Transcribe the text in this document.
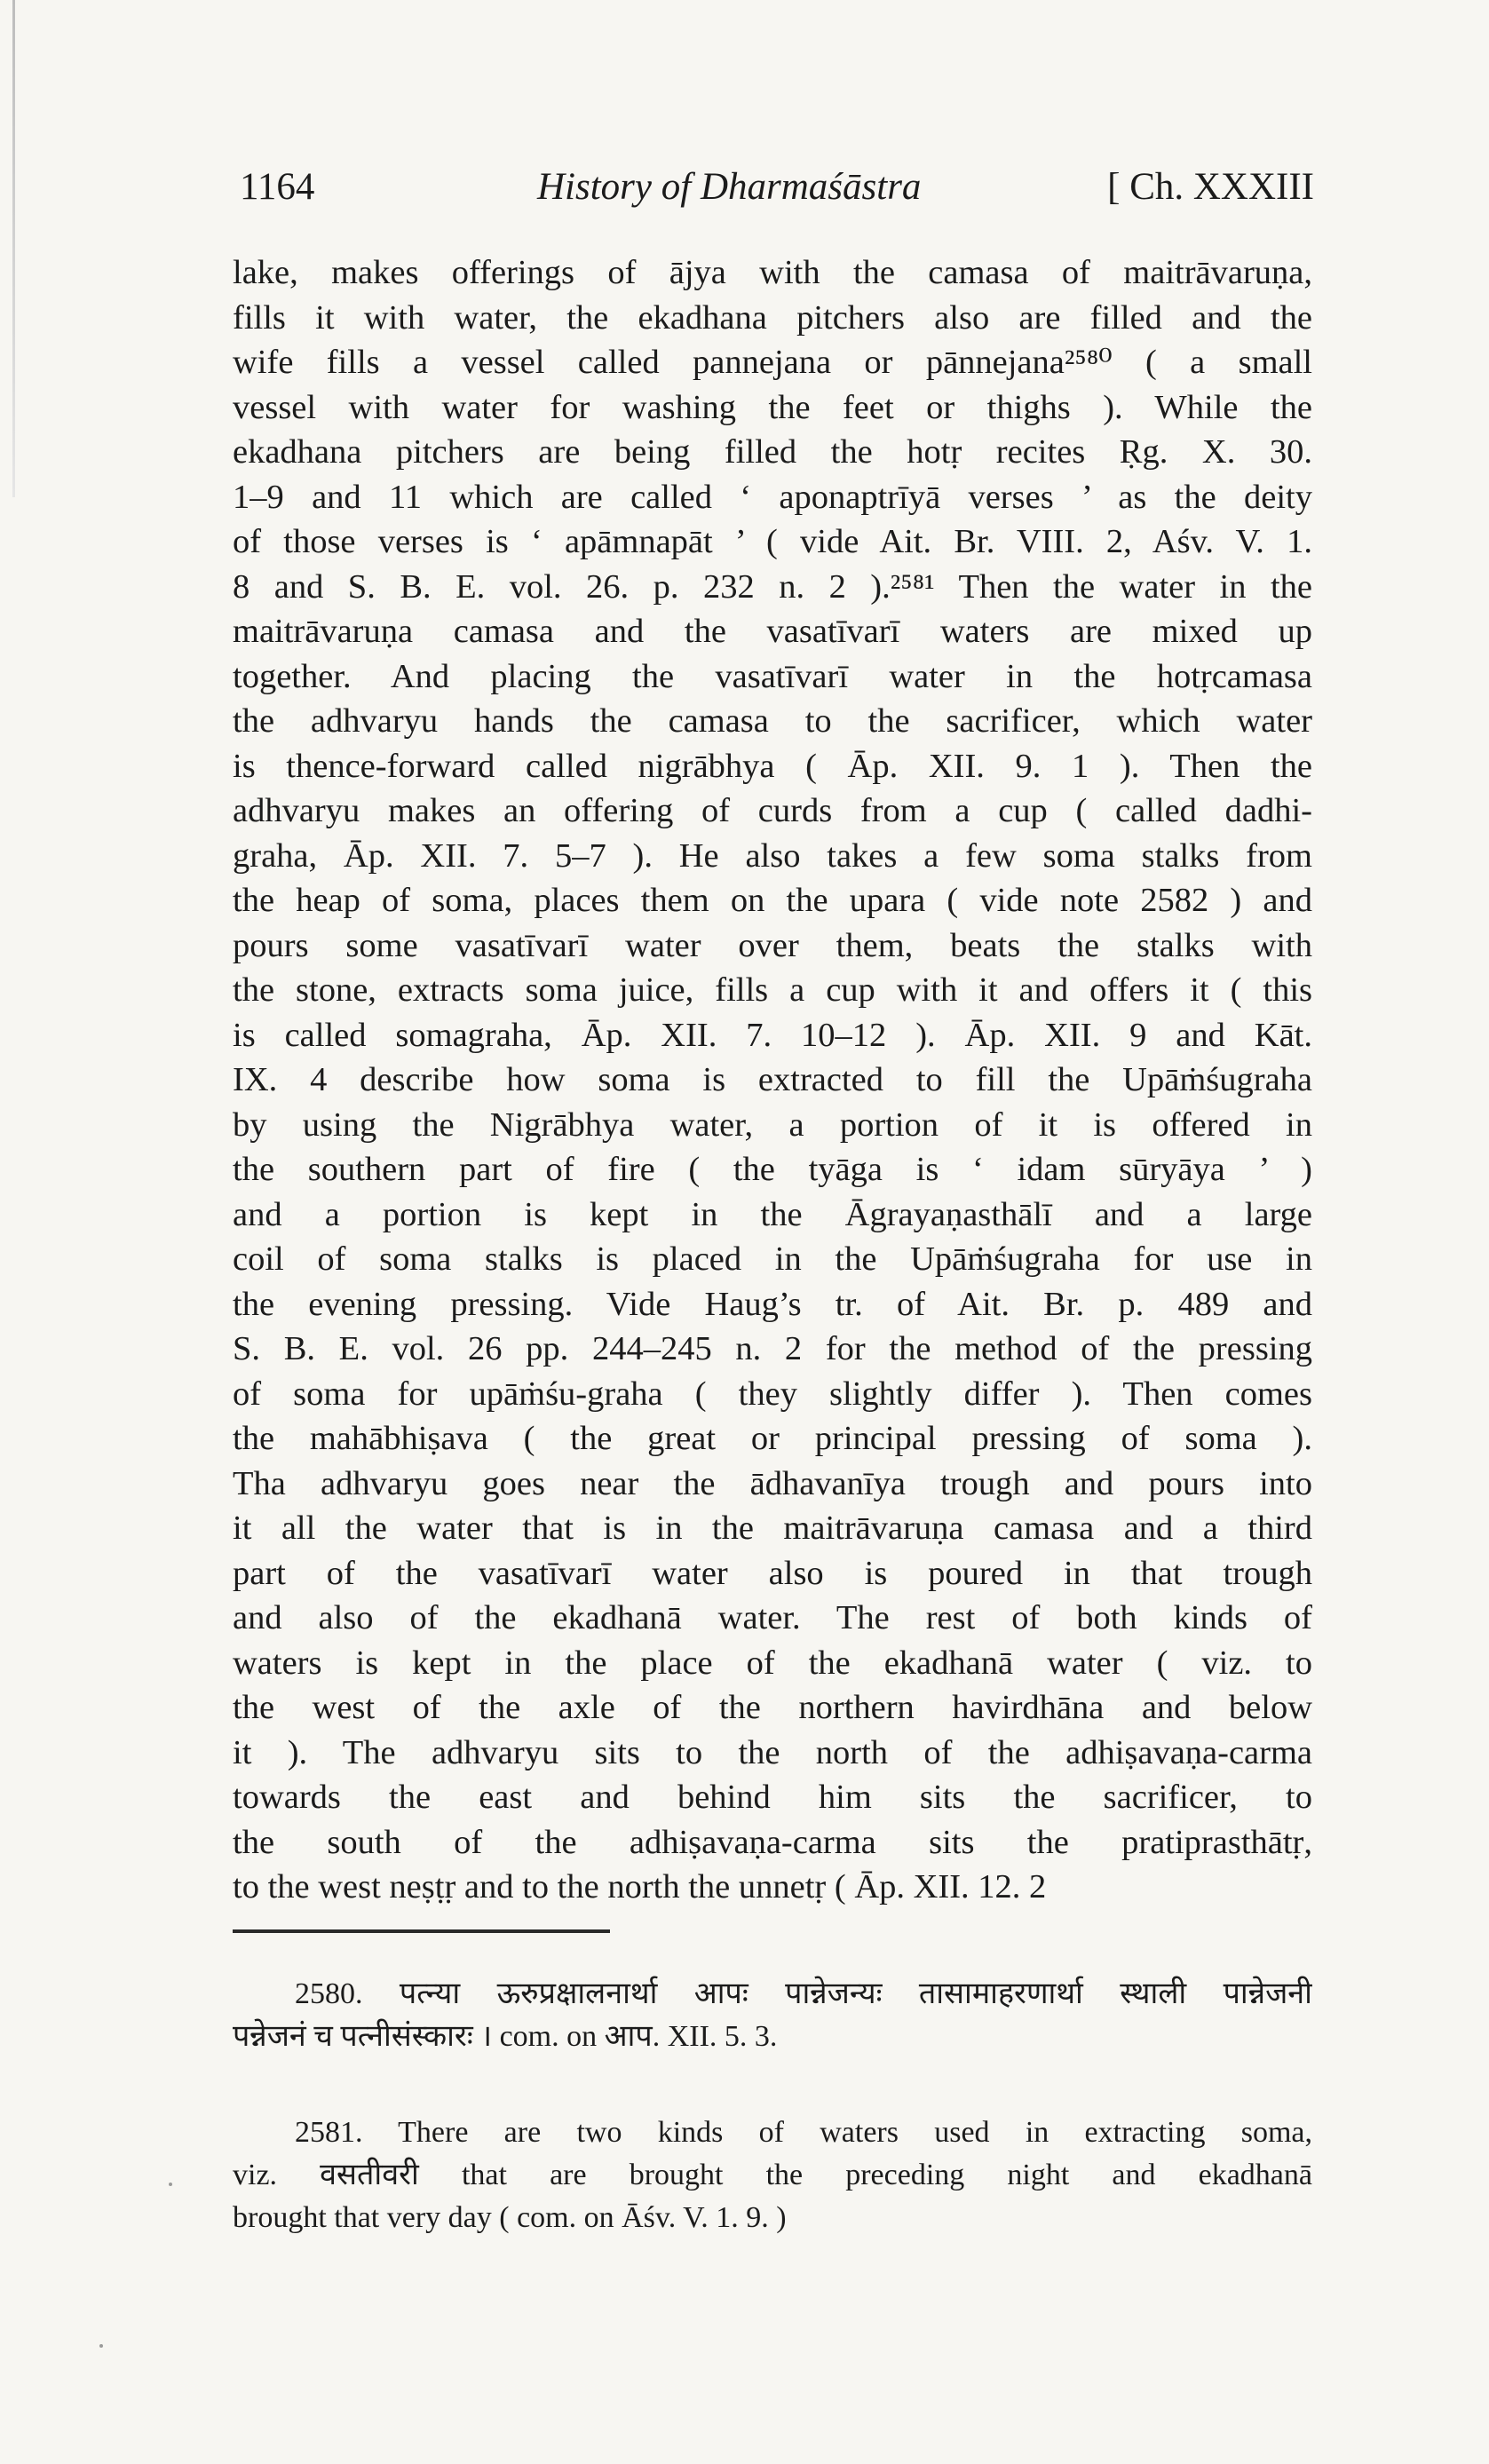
1164	History of Dharmaśāstra	[ Ch. XXXIII
lake, makes offerings of ājya with the camasa of maitrāvaruṇa,
fills it with water, the ekadhana pitchers also are filled and the
wife fills a vessel called pannejana or pānnejana²⁵⁸⁰ ( a small
vessel with water for washing the feet or thighs ). While the
ekadhana pitchers are being filled the hotṛ recites Ṛg. X. 30.
1–9 and 11 which are called ‘ aponaptrīyā verses ’ as the deity
of those verses is ‘ apāmnapāt ’ ( vide Ait. Br. VIII. 2, Aśv. V. 1.
8 and S. B. E. vol. 26. p. 232 n. 2 ).²⁵⁸¹ Then the water in the
maitrāvaruṇa camasa and the vasatīvarī waters are mixed up
together. And placing the vasatīvarī water in the hotṛcamasa
the adhvaryu hands the camasa to the sacrificer, which water
is thence-forward called nigrābhya ( Āp. XII. 9. 1 ). Then the
adhvaryu makes an offering of curds from a cup ( called dadhi-
graha, Āp. XII. 7. 5–7 ). He also takes a few soma stalks from
the heap of soma, places them on the upara ( vide note 2582 ) and
pours some vasatīvarī water over them, beats the stalks with
the stone, extracts soma juice, fills a cup with it and offers it ( this
is called somagraha, Āp. XII. 7. 10–12 ). Āp. XII. 9 and Kāt.
IX. 4 describe how soma is extracted to fill the Upāṁśugraha
by using the Nigrābhya water, a portion of it is offered in
the southern part of fire ( the tyāga is ‘ idam sūryāya ’ )
and a portion is kept in the Āgrayaṇasthālī and a large
coil of soma stalks is placed in the Upāṁśugraha for use in
the evening pressing. Vide Haug’s tr. of Ait. Br. p. 489 and
S. B. E. vol. 26 pp. 244–245 n. 2 for the method of the pressing
of soma for upāṁśu-graha ( they slightly differ ). Then comes
the mahābhiṣava ( the great or principal pressing of soma ).
Tha adhvaryu goes near the ādhavanīya trough and pours into
it all the water that is in the maitrāvaruṇa camasa and a third
part of the vasatīvarī water also is poured in that trough
and also of the ekadhanā water. The rest of both kinds of
waters is kept in the place of the ekadhanā water ( viz. to
the west of the axle of the northern havirdhāna and below
it ). The adhvaryu sits to the north of the adhiṣavaṇa-carma
towards the east and behind him sits the sacrificer, to
the south of the adhiṣavaṇa-carma sits the pratiprasthātṛ,
to the west neṣṭṛ and to the north the unnetṛ ( Āp. XII. 12. 2
2580. पत्न्या ऊरुप्रक्षालनार्था आपः पान्नेजन्यः तासामाहरणार्था स्थाली पान्नेजनी
पन्नेजनं च पत्नीसंस्कारः । com. on आप. XII. 5. 3.
2581. There are two kinds of waters used in extracting soma,
viz. वसतीवरी that are brought the preceding night and ekadhanā
brought that very day ( com. on Āśv. V. 1. 9. )
